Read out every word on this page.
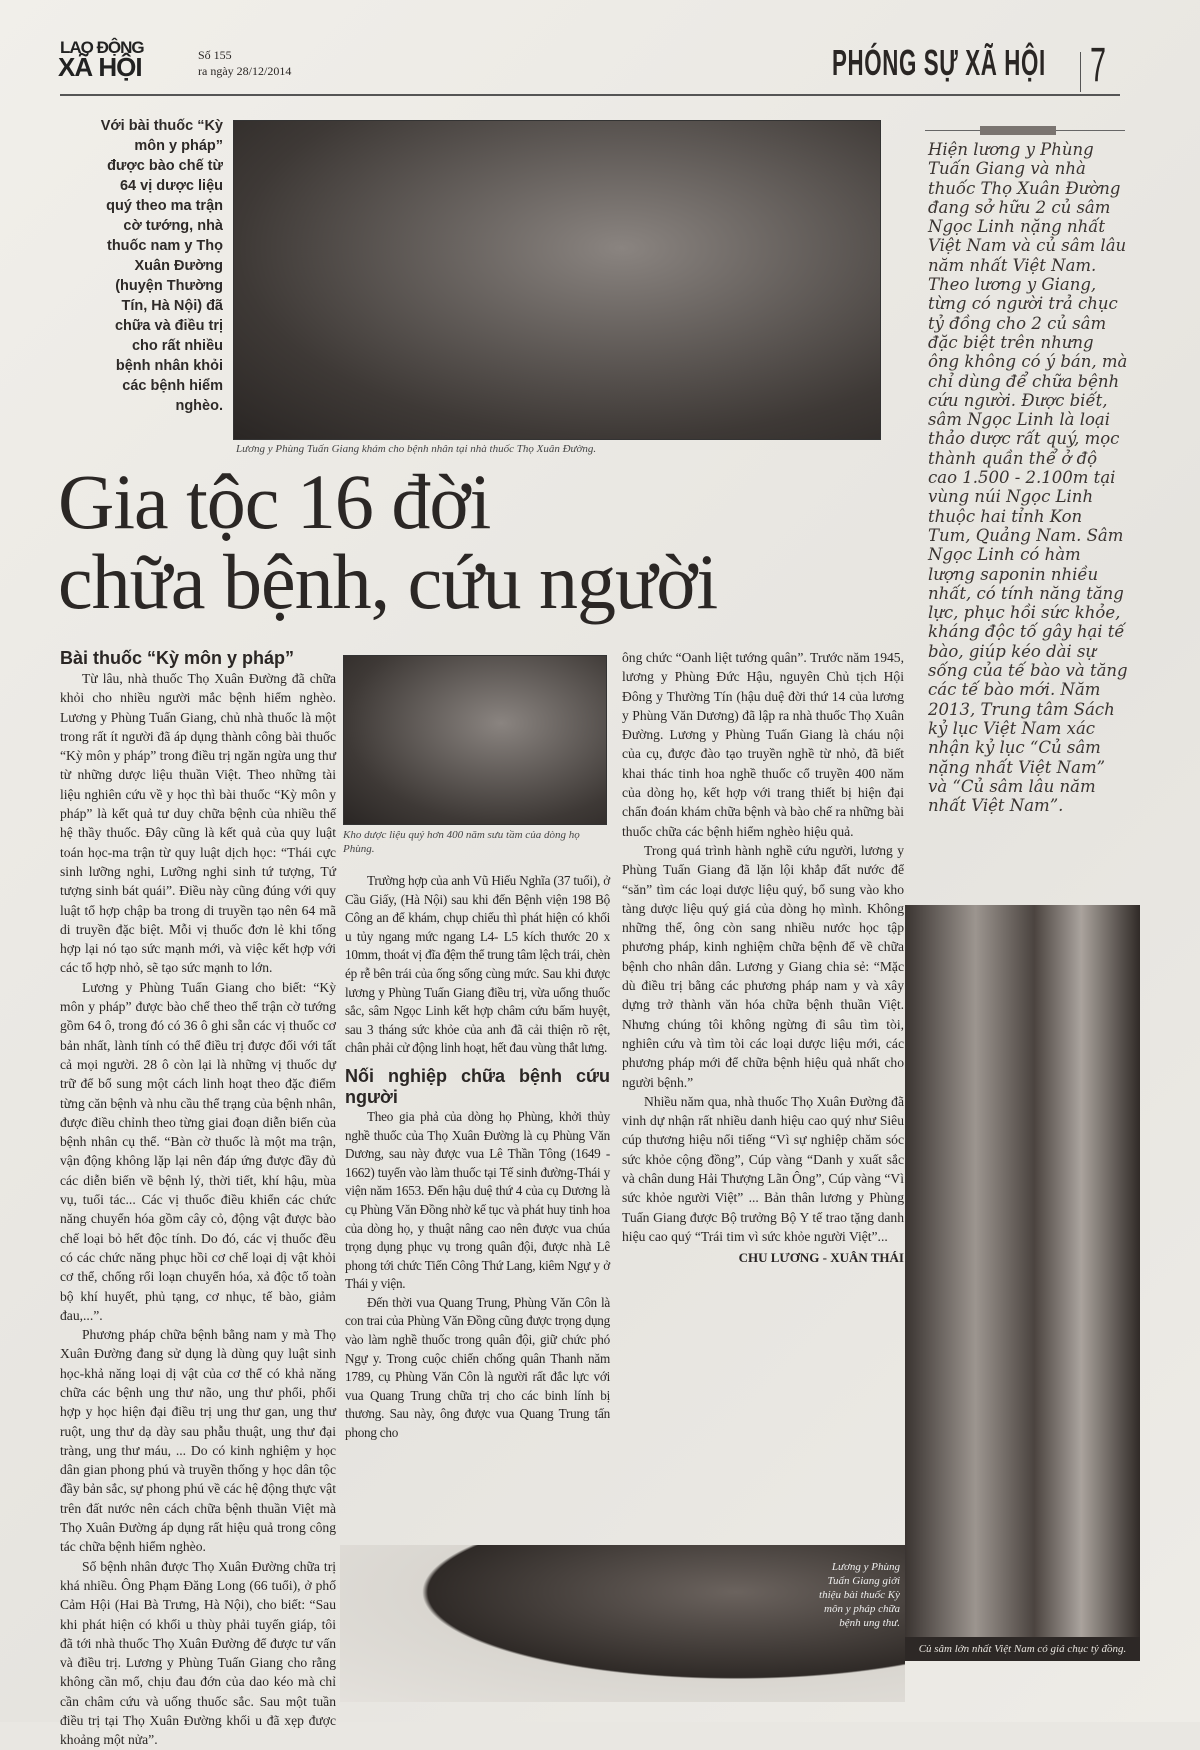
LAO ĐỘNG
XÃ HỘI	Số 155
ra ngày 28/12/2014	PHÓNG SỰ XÃ HỘI 7
Với bài thuốc “Kỳ môn y pháp” được bào chế từ 64 vị dược liệu quý theo ma trận cờ tướng, nhà thuốc nam y Thọ Xuân Đường (huyện Thường Tín, Hà Nội) đã chữa và điều trị cho rất nhiều bệnh nhân khỏi các bệnh hiểm nghèo.
Lương y Phùng Tuấn Giang khám cho bệnh nhân tại nhà thuốc Thọ Xuân Đường.
Gia tộc 16 đời
chữa bệnh, cứu người
Hiện lương y Phùng Tuấn Giang và nhà thuốc Thọ Xuân Đường đang sở hữu 2 củ sâm Ngọc Linh nặng nhất Việt Nam và củ sâm lâu năm nhất Việt Nam. Theo lương y Giang, từng có người trả chục tỷ đồng cho 2 củ sâm đặc biệt trên nhưng ông không có ý bán, mà chỉ dùng để chữa bệnh cứu người. Được biết, sâm Ngọc Linh là loại thảo dược rất quý, mọc thành quần thể ở độ cao 1.500 - 2.100m tại vùng núi Ngọc Linh thuộc hai tỉnh Kon Tum, Quảng Nam. Sâm Ngọc Linh có hàm lượng saponin nhiều nhất, có tính năng tăng lực, phục hồi sức khỏe, kháng độc tố gây hại tế bào, giúp kéo dài sự sống của tế bào và tăng các tế bào mới. Năm 2013, Trung tâm Sách kỷ lục Việt Nam xác nhận kỷ lục “Củ sâm nặng nhất Việt Nam” và “Củ sâm lâu năm nhất Việt Nam”.
Bài thuốc “Kỳ môn y pháp”

Từ lâu, nhà thuốc Thọ Xuân Đường đã chữa khỏi cho nhiều người mắc bệnh hiểm nghèo. Lương y Phùng Tuấn Giang, chủ nhà thuốc là một trong rất ít người đã áp dụng thành công bài thuốc “Kỳ môn y pháp” trong điều trị ngăn ngừa ung thư từ những dược liệu thuần Việt. Theo những tài liệu nghiên cứu về y học thì bài thuốc “Kỳ môn y pháp” là kết quả tư duy chữa bệnh của nhiều thế hệ thầy thuốc. Đây cũng là kết quả của quy luật toán học-ma trận từ quy luật dịch học: “Thái cực sinh lưỡng nghi, Lưỡng nghi sinh tứ tượng, Tứ tượng sinh bát quái”. Điều này cũng đúng với quy luật tổ hợp chập ba trong di truyền tạo nên 64 mã di truyền đặc biệt. Mỗi vị thuốc đơn lẻ khi tổng hợp lại nó tạo sức mạnh mới, và việc kết hợp với các tổ hợp nhỏ, sẽ tạo sức mạnh to lớn.

Lương y Phùng Tuấn Giang cho biết: “Kỳ môn y pháp” được bào chế theo thế trận cờ tướng gồm 64 ô, trong đó có 36 ô ghi sẵn các vị thuốc cơ bản nhất, lành tính có thể điều trị được đối với tất cả mọi người. 28 ô còn lại là những vị thuốc dự trữ để bổ sung một cách linh hoạt theo đặc điểm từng căn bệnh và nhu cầu thể trạng của bệnh nhân, được điều chỉnh theo từng giai đoạn diễn biến của bệnh nhân cụ thể. “Bàn cờ thuốc là một ma trận, vận động không lặp lại nên đáp ứng được đầy đủ các diễn biến về bệnh lý, thời tiết, khí hậu, mùa vụ, tuổi tác... Các vị thuốc điều khiển các chức năng chuyển hóa gồm cây cỏ, động vật được bào chế loại bỏ hết độc tính. Do đó, các vị thuốc đều có các chức năng phục hồi cơ chế loại dị vật khỏi cơ thể, chống rối loạn chuyển hóa, xả độc tố toàn bộ khí huyết, phủ tạng, cơ nhục, tế bào, giảm đau,...”.

Phương pháp chữa bệnh bằng nam y mà Thọ Xuân Đường đang sử dụng là dùng quy luật sinh học-khả năng loại dị vật của cơ thể có khả năng chữa các bệnh ung thư não, ung thư phổi, phối hợp y học hiện đại điều trị ung thư gan, ung thư ruột, ung thư dạ dày sau phẫu thuật, ung thư đại tràng, ung thư máu, ... Do có kinh nghiệm y học dân gian phong phú và truyền thống y học dân tộc đầy bản sắc, sự phong phú về các hệ động thực vật trên đất nước nên cách chữa bệnh thuần Việt mà Thọ Xuân Đường áp dụng rất hiệu quả trong công tác chữa bệnh hiểm nghèo.

Số bệnh nhân được Thọ Xuân Đường chữa trị khá nhiều. Ông Phạm Đăng Long (66 tuổi), ở phố Cảm Hội (Hai Bà Trưng, Hà Nội), cho biết: “Sau khi phát hiện có khối u thùy phải tuyến giáp, tôi đã tới nhà thuốc Thọ Xuân Đường để được tư vấn và điều trị. Lương y Phùng Tuấn Giang cho rằng không cần mổ, chịu đau đớn của dao kéo mà chỉ cần châm cứu và uống thuốc sắc. Sau một tuần điều trị tại Thọ Xuân Đường khối u đã xẹp được khoảng một nửa”.

Kho dược liệu quý hơn 400 năm sưu tầm của dòng họ Phùng.

Trường hợp của anh Vũ Hiếu Nghĩa (37 tuổi), ở Cầu Giấy, (Hà Nội) sau khi đến Bệnh viện 198 Bộ Công an để khám, chụp chiếu thì phát hiện có khối u tủy ngang mức ngang L4- L5 kích thước 20 x 10mm, thoát vị đĩa đệm thể trung tâm lệch trái, chèn ép rễ bên trái của ống sống cùng mức. Sau khi được lương y Phùng Tuấn Giang điều trị, vừa uống thuốc sắc, sâm Ngọc Linh kết hợp châm cứu bấm huyệt, sau 3 tháng sức khỏe của anh đã cải thiện rõ rệt, chân phải cử động linh hoạt, hết đau vùng thắt lưng.

Nối nghiệp chữa bệnh cứu người

Theo gia phả của dòng họ Phùng, khởi thủy nghề thuốc của Thọ Xuân Đường là cụ Phùng Văn Dương, sau này được vua Lê Thần Tông (1649 - 1662) tuyển vào làm thuốc tại Tế sinh đường-Thái y viện năm 1653. Đến hậu duệ thứ 4 của cụ Dương là cụ Phùng Văn Đồng nhờ kế tục và phát huy tinh hoa của dòng họ, y thuật nâng cao nên được vua chúa trọng dụng phục vụ trong quân đội, được nhà Lê phong tới chức Tiến Công Thứ Lang, kiêm Ngự y ở Thái y viện.

Đến thời vua Quang Trung, Phùng Văn Côn là con trai của Phùng Văn Đồng cũng được trọng dụng vào làm nghề thuốc trong quân đội, giữ chức phó Ngự y. Trong cuộc chiến chống quân Thanh năm 1789, cụ Phùng Văn Côn là người rất đắc lực với vua Quang Trung chữa trị cho các binh lính bị thương. Sau này, ông được vua Quang Trung tấn phong cho

ông chức “Oanh liệt tướng quân”. Trước năm 1945, lương y Phùng Đức Hậu, nguyên Chủ tịch Hội Đông y Thường Tín (hậu duệ đời thứ 14 của lương y Phùng Văn Dương) đã lập ra nhà thuốc Thọ Xuân Đường. Lương y Phùng Tuấn Giang là cháu nội của cụ, được đào tạo truyền nghề từ nhỏ, đã biết khai thác tinh hoa nghề thuốc cổ truyền 400 năm của dòng họ, kết hợp với trang thiết bị hiện đại chẩn đoán khám chữa bệnh và bào chế ra những bài thuốc chữa các bệnh hiểm nghèo hiệu quả.

Trong quá trình hành nghề cứu người, lương y Phùng Tuấn Giang đã lặn lội khắp đất nước để “săn” tìm các loại dược liệu quý, bổ sung vào kho tàng dược liệu quý giá của dòng họ mình. Không những thế, ông còn sang nhiều nước học tập phương pháp, kinh nghiệm chữa bệnh để về chữa bệnh cho nhân dân. Lương y Giang chia sẻ: “Mặc dù điều trị bằng các phương pháp nam y và xây dựng trở thành văn hóa chữa bệnh thuần Việt. Nhưng chúng tôi không ngừng đi sâu tìm tòi, nghiên cứu và tìm tòi các loại dược liệu mới, các phương pháp mới để chữa bệnh hiệu quả nhất cho người bệnh.”

Nhiều năm qua, nhà thuốc Thọ Xuân Đường đã vinh dự nhận rất nhiều danh hiệu cao quý như Siêu cúp thương hiệu nổi tiếng “Vì sự nghiệp chăm sóc sức khỏe cộng đồng”, Cúp vàng “Danh y xuất sắc và chân dung Hải Thượng Lãn Ông”, Cúp vàng “Vì sức khỏe người Việt” ... Bản thân lương y Phùng Tuấn Giang được Bộ trưởng Bộ Y tế trao tặng danh hiệu cao quý “Trái tim vì sức khỏe người Việt”...

CHU LƯƠNG - XUÂN THÁI
Lương y Phùng Tuấn Giang giới thiệu bài thuốc Kỳ môn y pháp chữa bệnh ung thư.
Củ sâm lớn nhất Việt Nam có giá chục tỷ đồng.
